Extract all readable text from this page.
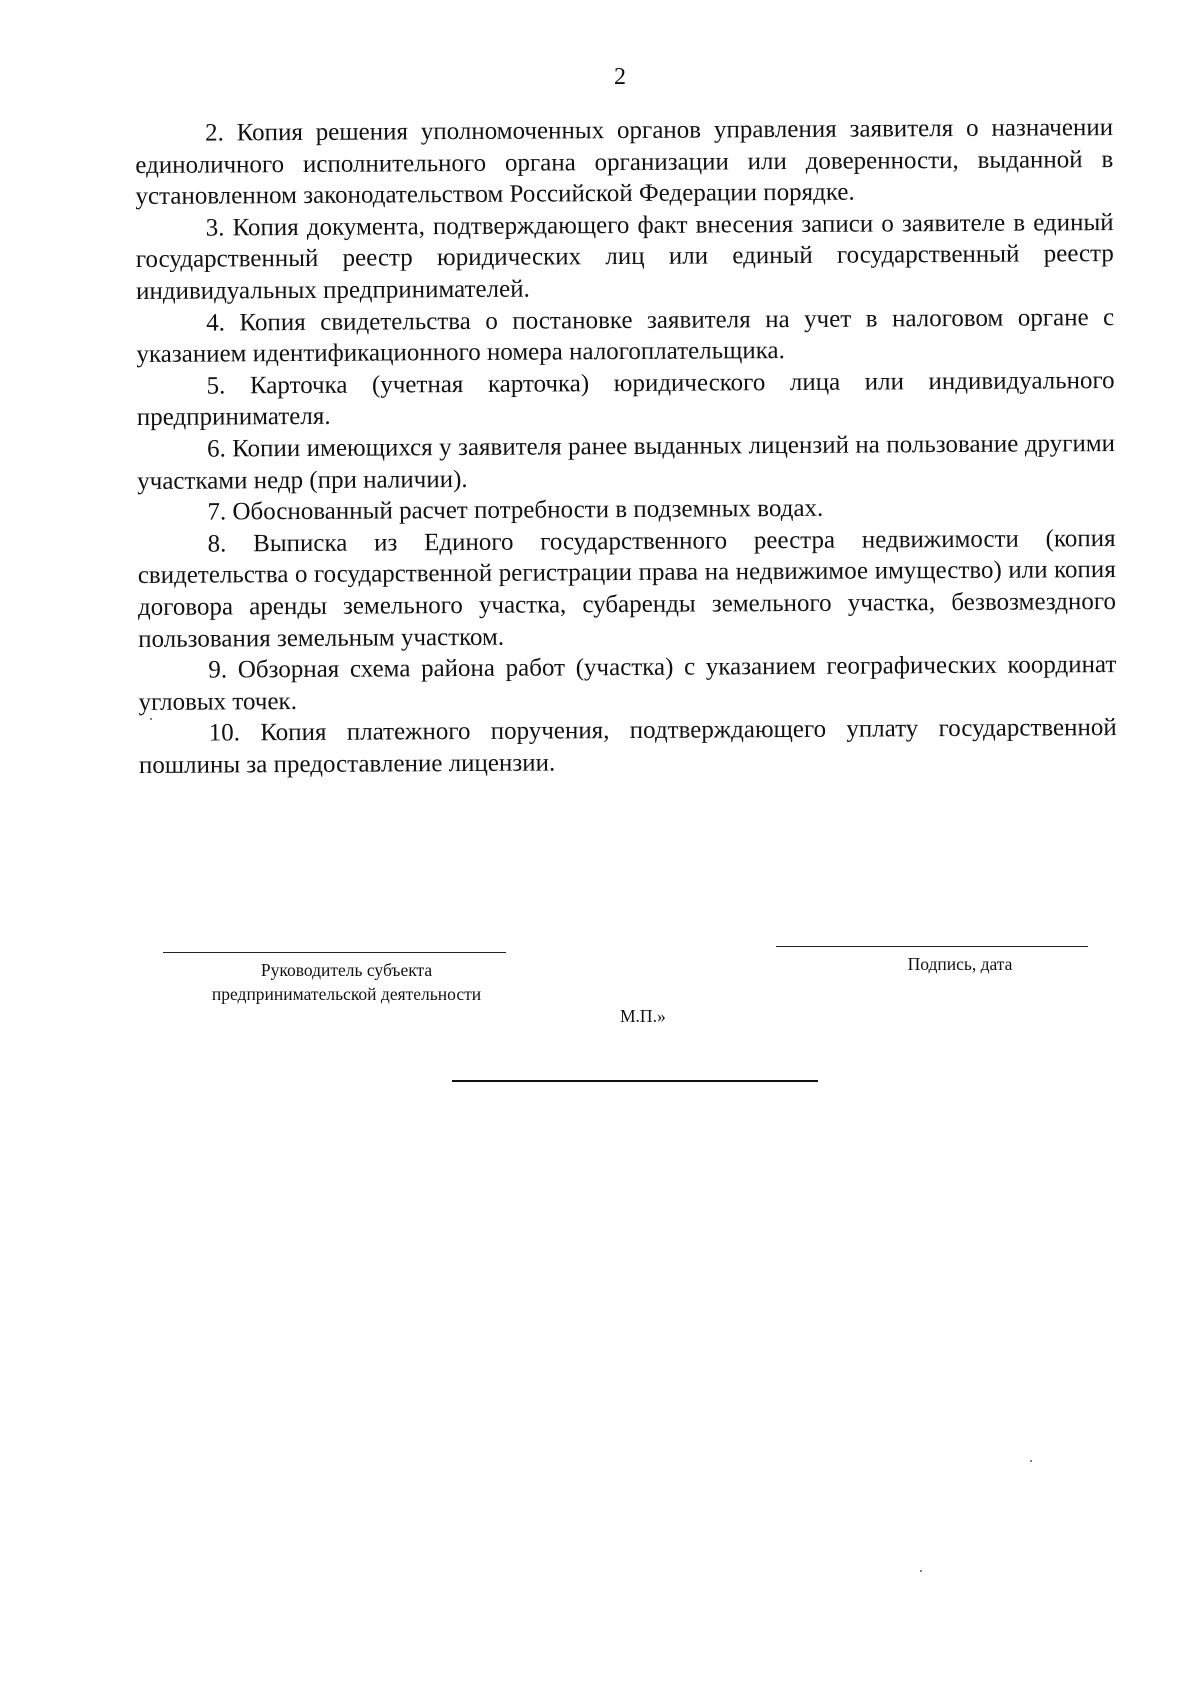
2

2. Копия решения уполномоченных органов управления заявителя о назначении единоличного исполнительного органа организации или доверенности, выданной в установленном законодательством Российской Федерации порядке.

3. Копия документа, подтверждающего факт внесения записи о заявителе в единый государственный реестр юридических лиц или единый государственный реестр индивидуальных предпринимателей.

4. Копия свидетельства о постановке заявителя на учет в налоговом органе с указанием идентификационного номера налогоплательщика.

5. Карточка (учетная карточка) юридического лица или индивидуального предпринимателя.

6. Копии имеющихся у заявителя ранее выданных лицензий на пользование другими участками недр (при наличии).

7. Обоснованный расчет потребности в подземных водах.

8. Выписка из Единого государственного реестра недвижимости (копия свидетельства о государственной регистрации права на недвижимое имущество) или копия договора аренды земельного участка, субаренды земельного участка, безвозмездного пользования земельным участком.

9. Обзорная схема района работ (участка) с указанием географических координат угловых точек.

10. Копия платежного поручения, подтверждающего уплату государственной пошлины за предоставление лицензии.

Руководитель субъекта
предпринимательской деятельности
Подпись, дата
М.П.»
